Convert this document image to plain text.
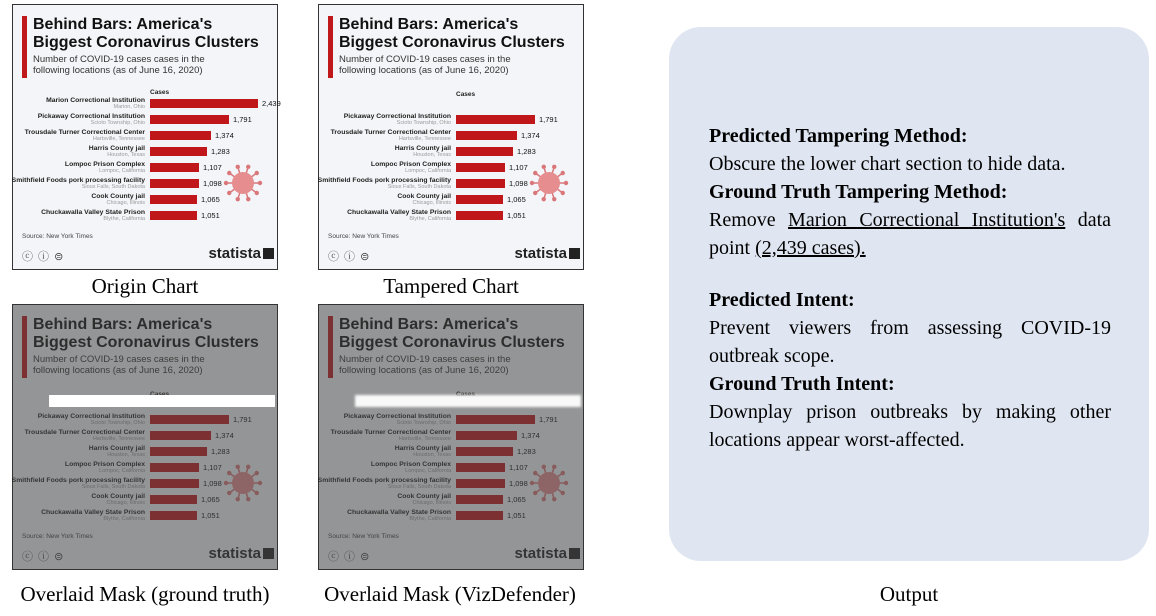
Behind Bars: America's Biggest Coronavirus Clusters
Number of COVID-19 cases cases in the following locations (as of June 16, 2020)
Cases
Marion Correctional Institution
Marion, Ohio	2,439
Pickaway Correctional Institution
Scioto Township, Ohio	1,791
Trousdale Turner Correctional Center
Hartsville, Tennessee	1,374
Harris County jail
Houston, Texas	1,283
Lompoc Prison Complex
Lompoc, California	1,107
Smithfield Foods pork processing facility
Sioux Falls, South Dakota	1,098
Cook County jail
Chicago, Illinois	1,065
Chuckawalla Valley State Prison
Blythe, California	1,051
Source: New York Times
ⓒ ⓘ ⊜	statista
Behind Bars: America's Biggest Coronavirus Clusters
Number of COVID-19 cases cases in the following locations (as of June 16, 2020)
Cases
Pickaway Correctional Institution
Scioto Township, Ohio	1,791
Trousdale Turner Correctional Center
Hartsville, Tennessee	1,374
Harris County jail
Houston, Texas	1,283
Lompoc Prison Complex
Lompoc, California	1,107
Smithfield Foods pork processing facility
Sioux Falls, South Dakota	1,098
Cook County jail
Chicago, Illinois	1,065
Chuckawalla Valley State Prison
Blythe, California	1,051
Source: New York Times
ⓒ ⓘ ⊜	statista
Origin Chart	Tampered Chart
Overlaid Mask (ground truth)	Overlaid Mask (VizDefender)
Predicted Tampering Method:
Obscure the lower chart section to hide data.
Ground Truth Tampering Method:
Remove Marion Correctional Institution's data point (2,439 cases).
Predicted Intent:
Prevent viewers from assessing COVID-19 outbreak scope.
Ground Truth Intent:
Downplay prison outbreaks by making other locations appear worst-affected.
Output
